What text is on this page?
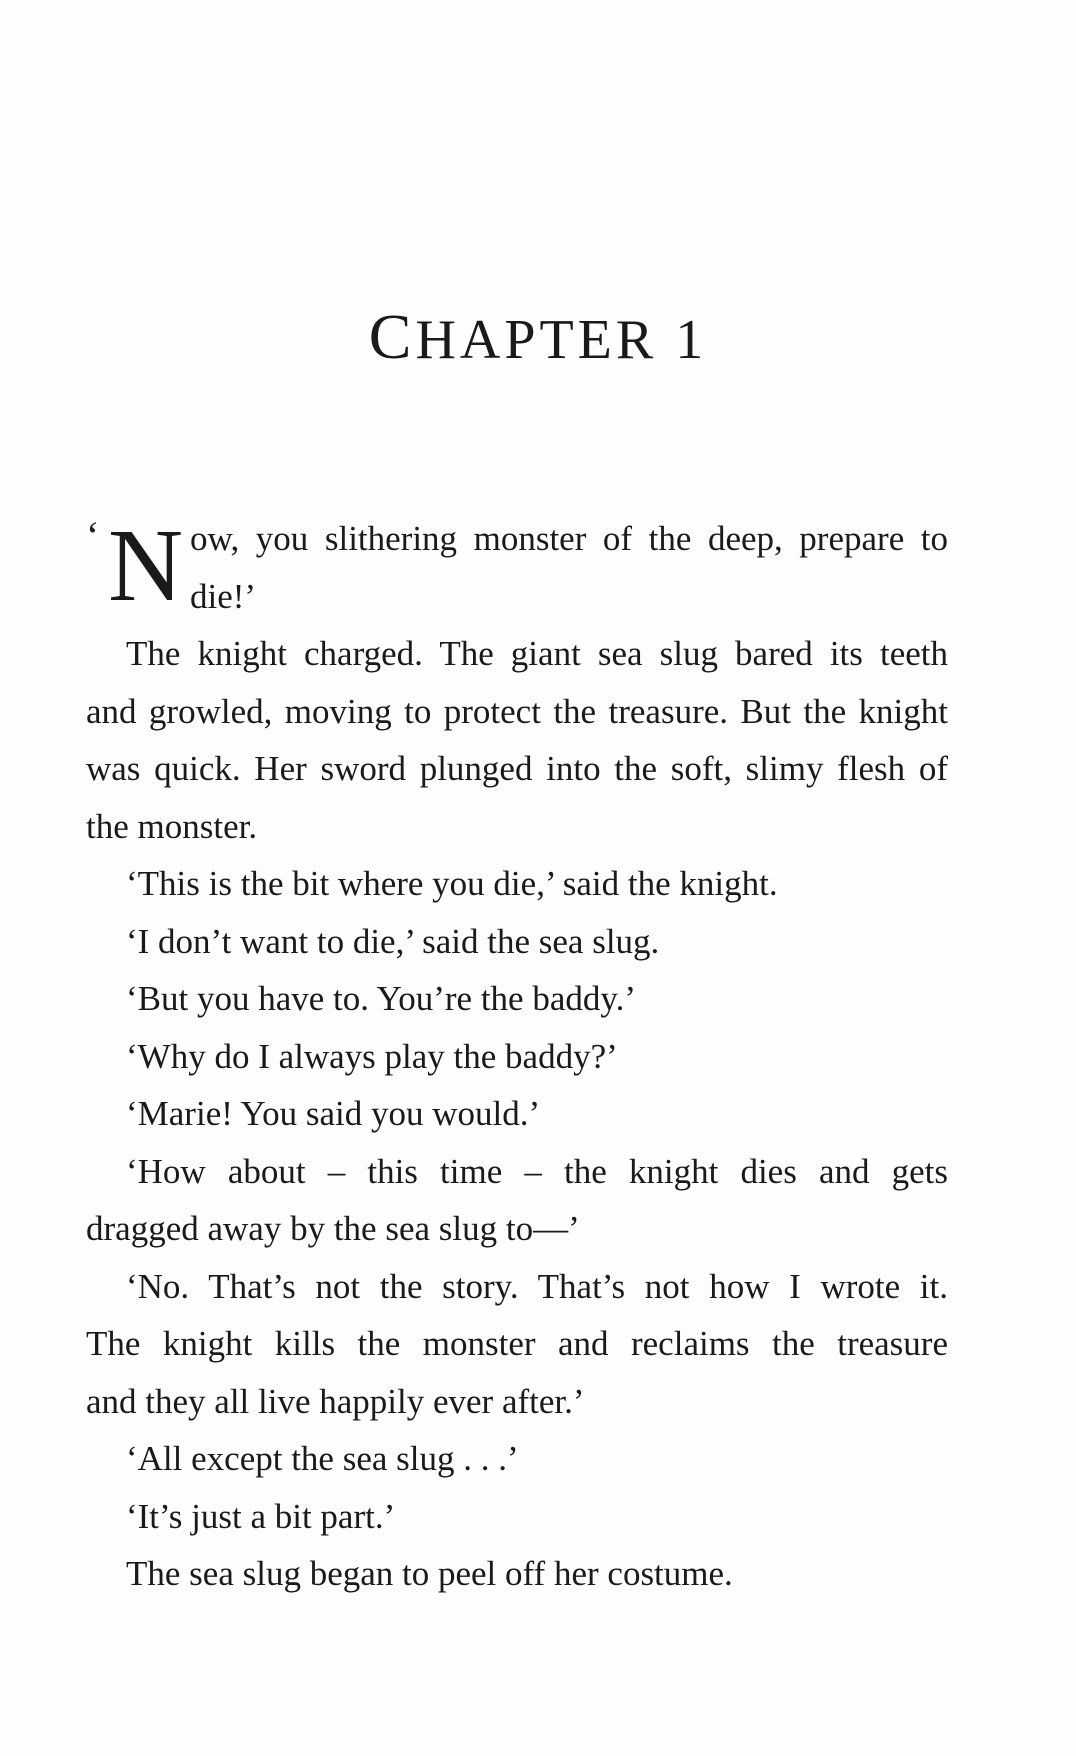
CHAPTER 1
‘ N ow, you slithering monster of the deep, prepare to
die!’
The knight charged. The giant sea slug bared its teeth
and growled, moving to protect the treasure. But the knight
was quick. Her sword plunged into the soft, slimy flesh of
the monster.
‘This is the bit where you die,’ said the knight.
‘I don’t want to die,’ said the sea slug.
‘But you have to. You’re the baddy.’
‘Why do I always play the baddy?’
‘Marie! You said you would.’
‘How about – this time – the knight dies and gets
dragged away by the sea slug to—’
‘No. That’s not the story. That’s not how I wrote it.
The knight kills the monster and reclaims the treasure
and they all live happily ever after.’
‘All except the sea slug . . .’
‘It’s just a bit part.’
The sea slug began to peel off her costume.
